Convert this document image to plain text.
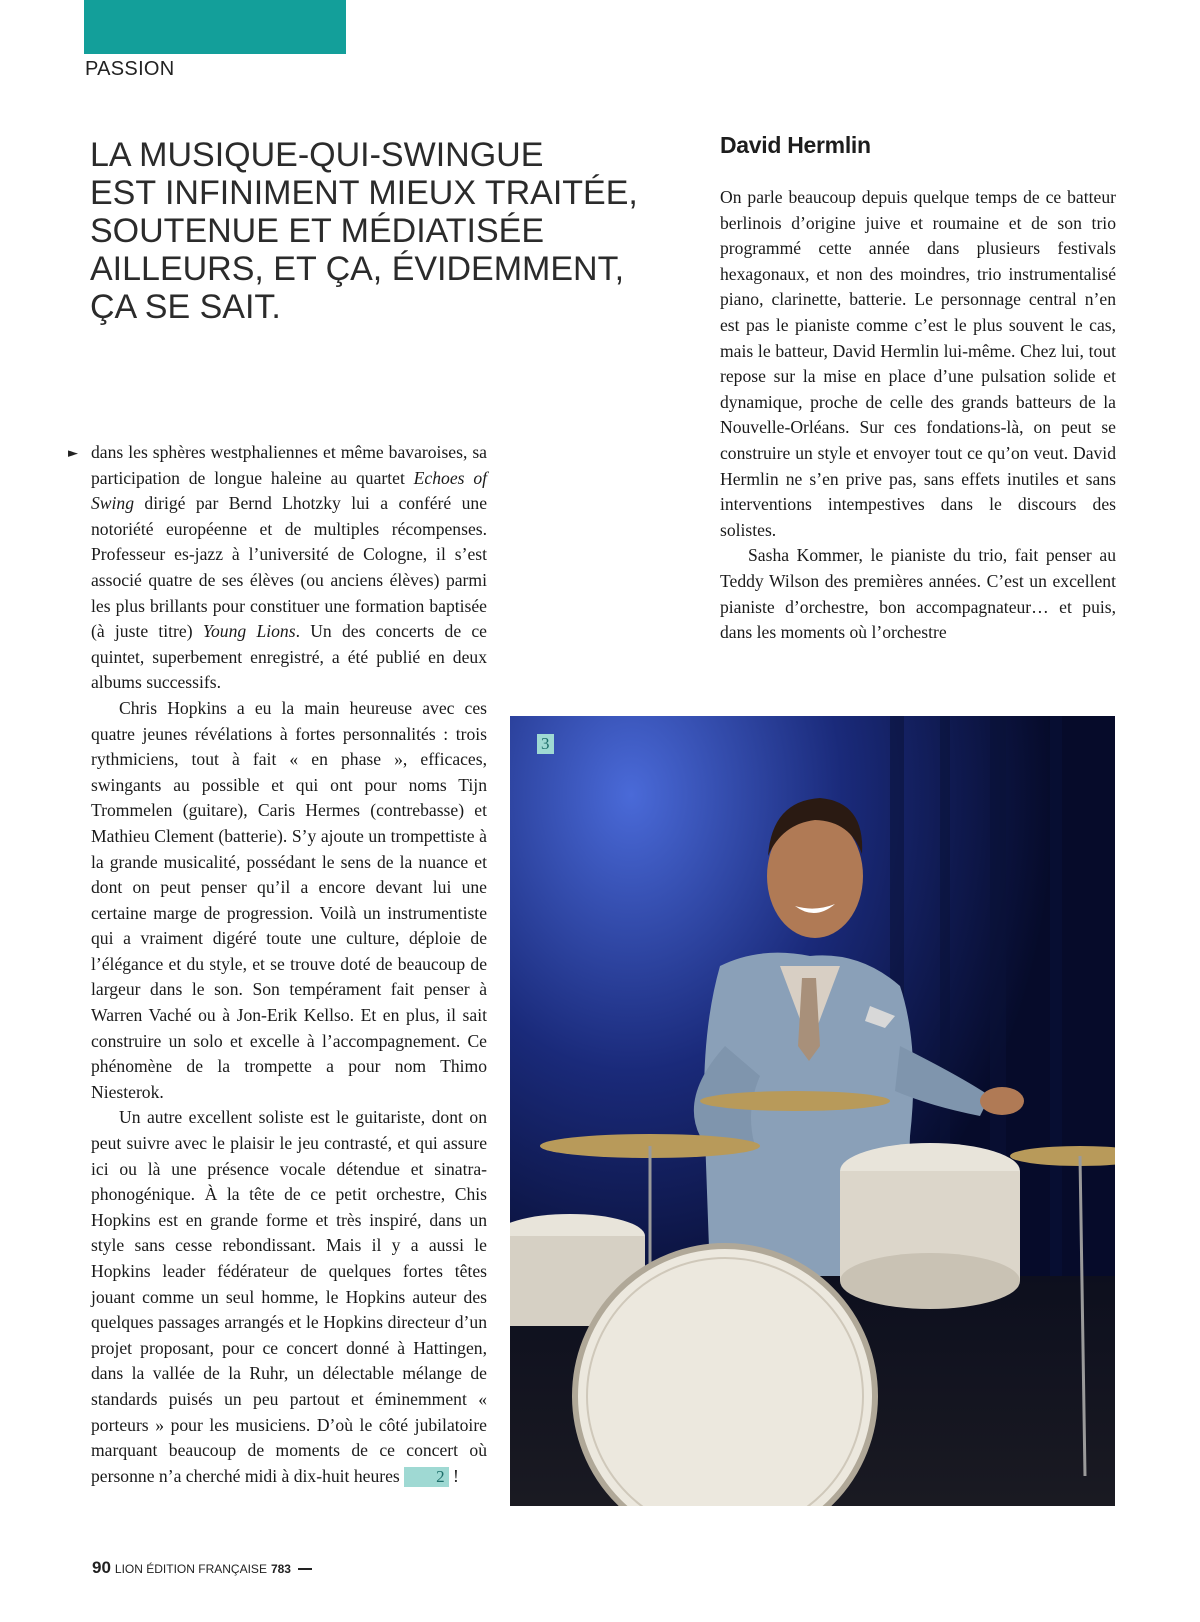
PASSION
LA MUSIQUE-QUI-SWINGUE
EST INFINIMENT MIEUX TRAITÉE,
SOUTENUE ET MÉDIATISÉE
AILLEURS, ET ÇA, ÉVIDEMMENT,
ÇA SE SAIT.
► dans les sphères westphaliennes et même bavaroises, sa participation de longue haleine au quartet Echoes of Swing dirigé par Bernd Lhotzky lui a conféré une notoriété européenne et de multiples récompenses. Professeur es-jazz à l’université de Cologne, il s’est associé quatre de ses élèves (ou anciens élèves) parmi les plus brillants pour constituer une formation baptisée (à juste titre) Young Lions. Un des concerts de ce quintet, superbement enregistré, a été publié en deux albums successifs.

Chris Hopkins a eu la main heureuse avec ces quatre jeunes révélations à fortes personnalités : trois rythmiciens, tout à fait « en phase », efficaces, swingants au possible et qui ont pour noms Tijn Trommelen (guitare), Caris Hermes (contrebasse) et Mathieu Clement (batterie). S’y ajoute un trompettiste à la grande musicalité, possédant le sens de la nuance et dont on peut penser qu’il a encore devant lui une certaine marge de progression. Voilà un instrumentiste qui a vraiment digéré toute une culture, déploie de l’élégance et du style, et se trouve doté de beaucoup de largeur dans le son. Son tempérament fait penser à Warren Vaché ou à Jon-Erik Kellso. Et en plus, il sait construire un solo et excelle à l’accompagnement. Ce phénomène de la trompette a pour nom Thimo Niesterok.

Un autre excellent soliste est le guitariste, dont on peut suivre avec le plaisir le jeu contrasté, et qui assure ici ou là une présence vocale détendue et sinatra-phonogénique. À la tête de ce petit orchestre, Chis Hopkins est en grande forme et très inspiré, dans un style sans cesse rebondissant. Mais il y a aussi le Hopkins leader fédérateur de quelques fortes têtes jouant comme un seul homme, le Hopkins auteur des quelques passages arrangés et le Hopkins directeur d’un projet proposant, pour ce concert donné à Hattingen, dans la vallée de la Ruhr, un délectable mélange de standards puisés un peu partout et éminemment « porteurs » pour les musiciens. D’où le côté jubilatoire marquant beaucoup de moments de ce concert où personne n’a cherché midi à dix-huit heures 2 !

David Hermlin

On parle beaucoup depuis quelque temps de ce batteur berlinois d’origine juive et roumaine et de son trio programmé cette année dans plusieurs festivals hexagonaux, et non des moindres, trio instrumentalisé piano, clarinette, batterie. Le personnage central n’en est pas le pianiste comme c’est le plus souvent le cas, mais le batteur, David Hermlin lui-même. Chez lui, tout repose sur la mise en place d’une pulsation solide et dynamique, proche de celle des grands batteurs de la Nouvelle-Orléans. Sur ces fondations-là, on peut se construire un style et envoyer tout ce qu’on veut. David Hermlin ne s’en prive pas, sans effets inutiles et sans interventions intempestives dans le discours des solistes.

Sasha Kommer, le pianiste du trio, fait penser au Teddy Wilson des premières années. C’est un excellent pianiste d’orchestre, bon accompagnateur… et puis, dans les moments où l’orchestre

3
90 LION ÉDITION FRANÇAISE 783
